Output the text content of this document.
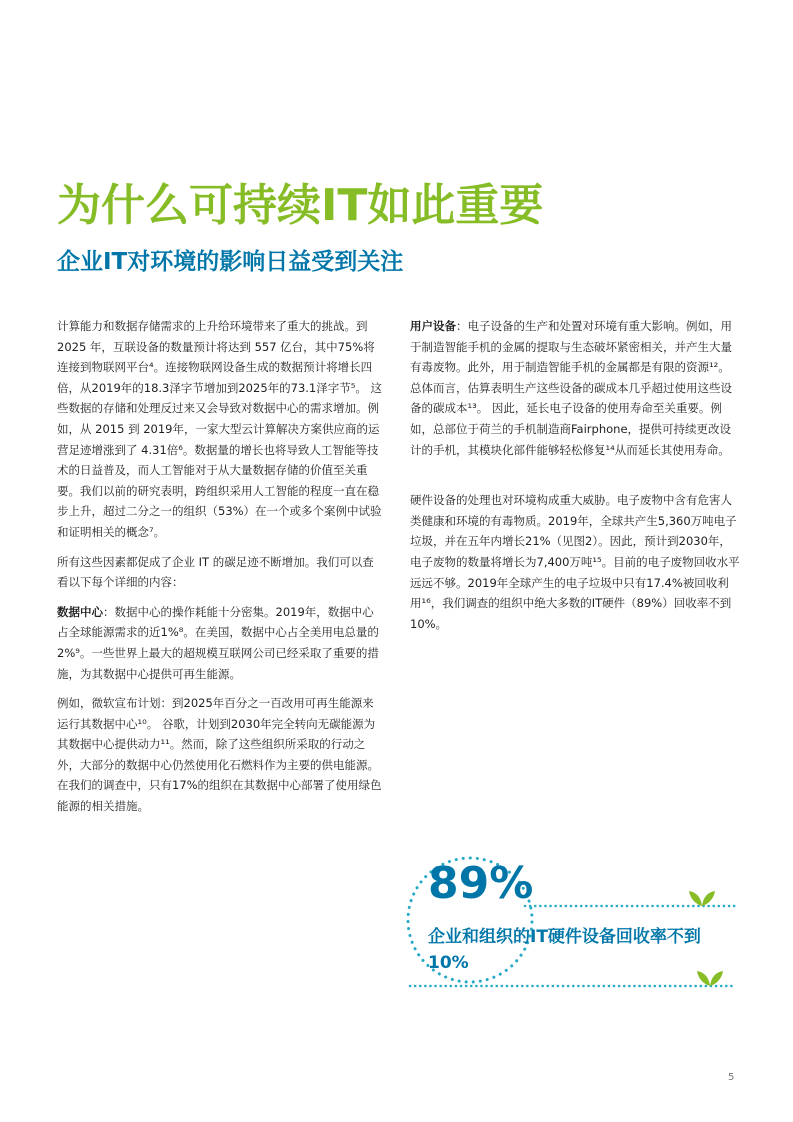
为什么可持续IT如此重要
企业IT对环境的影响日益受到关注

计算能力和数据存储需求的上升给环境带来了重大的挑战。到 2025 年，互联设备的数量预计将达到 557 亿台，其中75%将连接到物联网平台⁴。连接物联网设备生成的数据预计将增长四倍，从2019年的18.3泽字节增加到2025年的73.1泽字节⁵。 这些数据的存储和处理反过来又会导致对数据中心的需求增加。例如，从 2015 到 2019年，一家大型云计算解决方案供应商的运营足迹增涨到了 4.31倍⁶。数据量的增长也将导致人工智能等技术的日益普及，而人工智能对于从大量数据存储的价值至关重要。我们以前的研究表明，跨组织采用人工智能的程度一直在稳步上升，超过二分之一的组织（53%）在一个或多个案例中试验和证明相关的概念⁷。

所有这些因素都促成了企业 IT 的碳足迹不断增加。我们可以查看以下每个详细的内容：

数据中心：数据中心的操作耗能十分密集。2019年，数据中心占全球能源需求的近1%⁸。在美国，数据中心占全美用电总量的2%⁹。一些世界上最大的超规模互联网公司已经采取了重要的措施，为其数据中心提供可再生能源。

例如，微软宣布计划：到2025年百分之一百改用可再生能源来运行其数据中心¹⁰。 谷歌，计划到2030年完全转向无碳能源为其数据中心提供动力¹¹。然而，除了这些组织所采取的行动之外，大部分的数据中心仍然使用化石燃料作为主要的供电能源。在我们的调查中，只有17%的组织在其数据中心部署了使用绿色能源的相关措施。

用户设备：电子设备的生产和处置对环境有重大影响。例如，用于制造智能手机的金属的提取与生态破坏紧密相关，并产生大量有毒废物。此外，用于制造智能手机的金属都是有限的资源¹²。总体而言，估算表明生产这些设备的碳成本几乎超过使用这些设备的碳成本¹³。 因此，延长电子设备的使用寿命至关重要。例如，总部位于荷兰的手机制造商Fairphone，提供可持续更改设计的手机，其模块化部件能够轻松修复¹⁴从而延长其使用寿命。

硬件设备的处理也对环境构成重大威胁。电子废物中含有危害人类健康和环境的有毒物质。2019年，全球共产生5,360万吨电子垃圾，并在五年内增长21%（见图2）。因此，预计到2030年，电子废物的数量将增长为7,400万吨¹⁵。目前的电子废物回收水平远远不够。2019年全球产生的电子垃圾中只有17.4%被回收利用¹⁶，我们调查的组织中绝大多数的IT硬件（89%）回收率不到 10%。

89%

企业和组织的IT硬件设备回收率不到10%

5
